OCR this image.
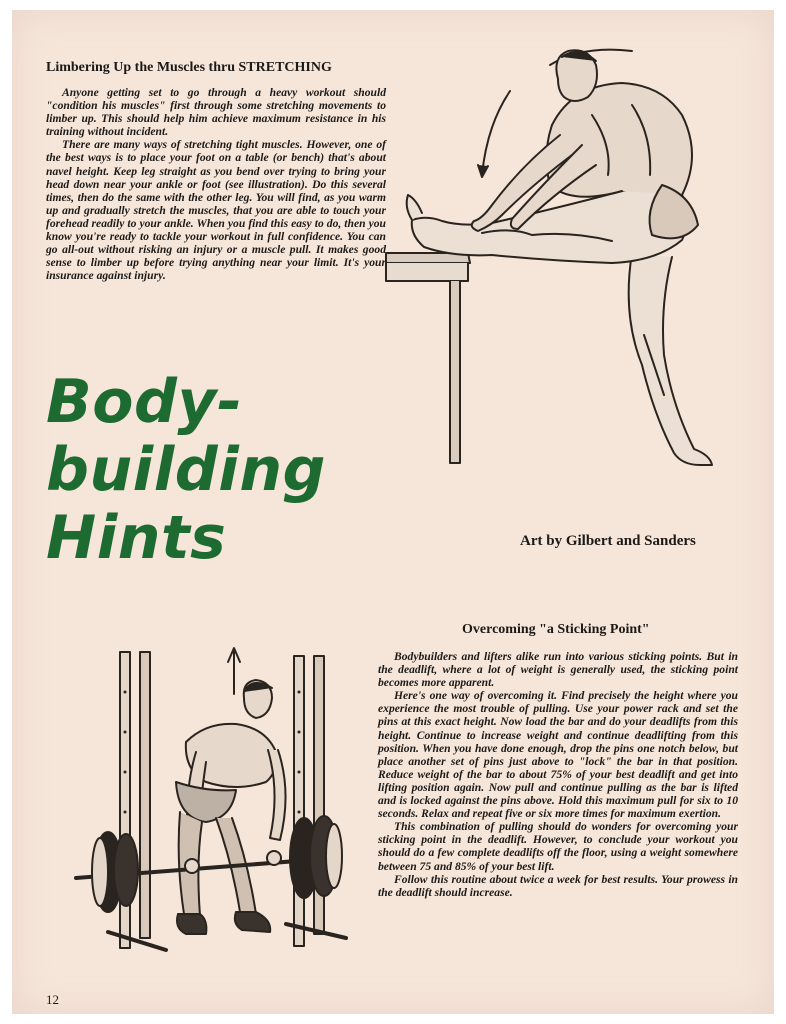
Limbering Up the Muscles thru STRETCHING

Anyone getting set to go through a heavy workout should "condition his muscles" first through some stretching movements to limber up. This should help him achieve maximum resistance in his training without incident.

There are many ways of stretching tight muscles. However, one of the best ways is to place your foot on a table (or bench) that's about navel height. Keep leg straight as you bend over trying to bring your head down near your ankle or foot (see illustration). Do this several times, then do the same with the other leg. You will find, as you warm up and gradually stretch the muscles, that you are able to touch your forehead readily to your ankle. When you find this easy to do, then you know you're ready to tackle your workout in full confidence. You can go all-out without risking an injury or a muscle pull. It makes good sense to limber up before trying anything near your limit. It's your insurance against injury.

Body-
building
Hints	Art by Gilbert and Sanders
Overcoming "a Sticking Point"

Bodybuilders and lifters alike run into various sticking points. But in the deadlift, where a lot of weight is generally used, the sticking point becomes more apparent.

Here's one way of overcoming it. Find precisely the height where you experience the most trouble of pulling. Use your power rack and set the pins at this exact height. Now load the bar and do your deadlifts from this height. Continue to increase weight and continue deadlifting from this position. When you have done enough, drop the pins one notch below, but place another set of pins just above to "lock" the bar in that position. Reduce weight of the bar to about 75% of your best deadlift and get into lifting position again. Now pull and continue pulling as the bar is lifted and is locked against the pins above. Hold this maximum pull for six to 10 seconds. Relax and repeat five or six more times for maximum exertion.

This combination of pulling should do wonders for overcoming your sticking point in the deadlift. However, to conclude your workout you should do a few complete deadlifts off the floor, using a weight somewhere between 75 and 85% of your best lift.

Follow this routine about twice a week for best results. Your prowess in the deadlift should increase.

12
